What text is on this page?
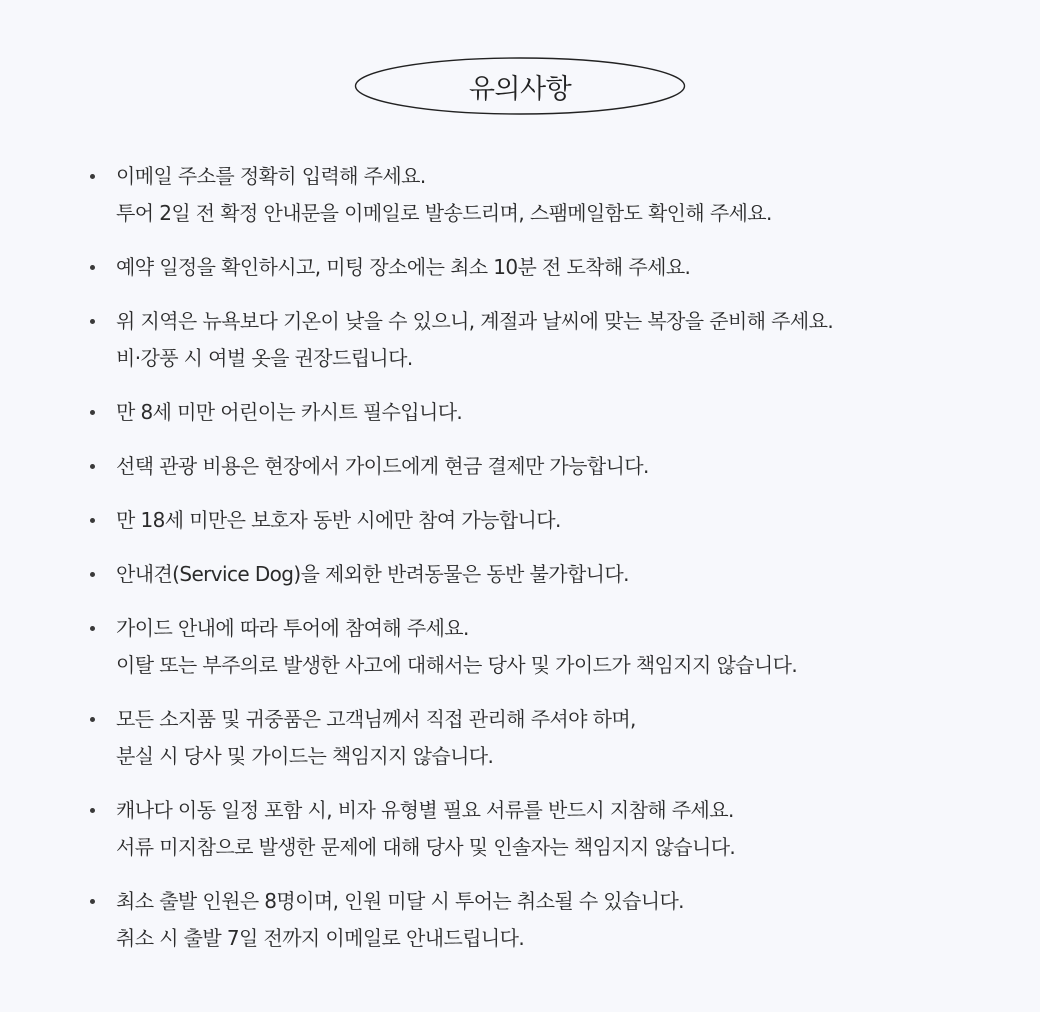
유의사항
이메일 주소를 정확히 입력해 주세요.
투어 2일 전 확정 안내문을 이메일로 발송드리며, 스팸메일함도 확인해 주세요.
예약 일정을 확인하시고, 미팅 장소에는 최소 10분 전 도착해 주세요.
위 지역은 뉴욕보다 기온이 낮을 수 있으니, 계절과 날씨에 맞는 복장을 준비해 주세요.
비·강풍 시 여벌 옷을 권장드립니다.
만 8세 미만 어린이는 카시트 필수입니다.
선택 관광 비용은 현장에서 가이드에게 현금 결제만 가능합니다.
만 18세 미만은 보호자 동반 시에만 참여 가능합니다.
안내견(Service Dog)을 제외한 반려동물은 동반 불가합니다.
가이드 안내에 따라 투어에 참여해 주세요.
이탈 또는 부주의로 발생한 사고에 대해서는 당사 및 가이드가 책임지지 않습니다.
모든 소지품 및 귀중품은 고객님께서 직접 관리해 주셔야 하며,
분실 시 당사 및 가이드는 책임지지 않습니다.
캐나다 이동 일정 포함 시, 비자 유형별 필요 서류를 반드시 지참해 주세요.
서류 미지참으로 발생한 문제에 대해 당사 및 인솔자는 책임지지 않습니다.
최소 출발 인원은 8명이며, 인원 미달 시 투어는 취소될 수 있습니다.
취소 시 출발 7일 전까지 이메일로 안내드립니다.
